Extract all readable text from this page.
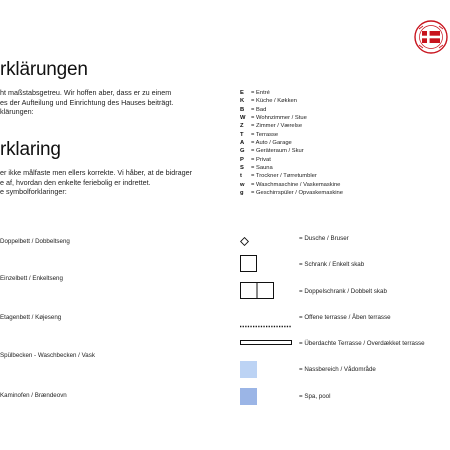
rklärungen
ht maßstabsgetreu. Wir hoffen aber, dass er zu einem
es der Aufteilung und Einrichtung des Hauses beiträgt.
klärungen:
rklaring
er ikke målfaste men ellers korrekte. Vi håber, at de bidrager
e af, hvordan den enkelte feriebolig er indrettet.
e symbolforklaringer:
E = Entré
K = Küche / Køkken
B = Bad
W = Wohnzimmer / Stue
Z = Zimmer / Værelse
T = Terrasse
A = Auto / Garage
G = Geräteraum / Skur
P = Privat
S = Sauna
t = Trockner / Tørretumbler
w = Waschmaschine / Vaskemaskine
g = Geschirrspüler / Opvaskemaskine
Doppelbett / Dobbeltseng
Einzelbett / Enkeltseng
Etagenbett / Køjeseng
Spülbecken - Waschbecken / Vask
Kaminofen / Brændeovn
= Dusche / Bruser
= Schrank / Enkelt skab
= Doppelschrank / Dobbelt skab
= Offene terrasse / Åben terrasse
= Überdachte Terrasse / Overdækket terrasse
= Nassbereich / Vådområde
= Spa, pool
